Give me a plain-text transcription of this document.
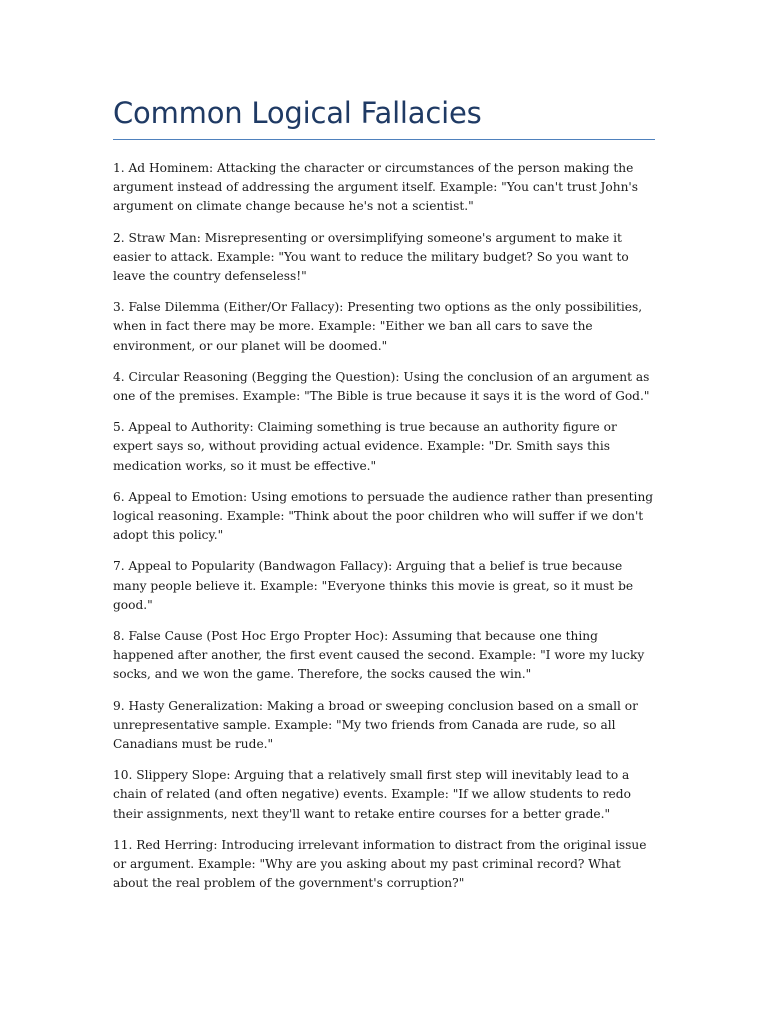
Common Logical Fallacies

1. Ad Hominem: Attacking the character or circumstances of the person making the argument instead of addressing the argument itself. Example: "You can't trust John's argument on climate change because he's not a scientist."

2. Straw Man: Misrepresenting or oversimplifying someone's argument to make it easier to attack. Example: "You want to reduce the military budget? So you want to leave the country defenseless!"

3. False Dilemma (Either/Or Fallacy): Presenting two options as the only possibilities, when in fact there may be more. Example: "Either we ban all cars to save the environment, or our planet will be doomed."

4. Circular Reasoning (Begging the Question): Using the conclusion of an argument as one of the premises. Example: "The Bible is true because it says it is the word of God."

5. Appeal to Authority: Claiming something is true because an authority figure or expert says so, without providing actual evidence. Example: "Dr. Smith says this medication works, so it must be effective."

6. Appeal to Emotion: Using emotions to persuade the audience rather than presenting logical reasoning. Example: "Think about the poor children who will suffer if we don't adopt this policy."

7. Appeal to Popularity (Bandwagon Fallacy): Arguing that a belief is true because many people believe it. Example: "Everyone thinks this movie is great, so it must be good."

8. False Cause (Post Hoc Ergo Propter Hoc): Assuming that because one thing happened after another, the first event caused the second. Example: "I wore my lucky socks, and we won the game. Therefore, the socks caused the win."

9. Hasty Generalization: Making a broad or sweeping conclusion based on a small or unrepresentative sample. Example: "My two friends from Canada are rude, so all Canadians must be rude."

10. Slippery Slope: Arguing that a relatively small first step will inevitably lead to a chain of related (and often negative) events. Example: "If we allow students to redo their assignments, next they'll want to retake entire courses for a better grade."

11. Red Herring: Introducing irrelevant information to distract from the original issue or argument. Example: "Why are you asking about my past criminal record? What about the real problem of the government's corruption?"
